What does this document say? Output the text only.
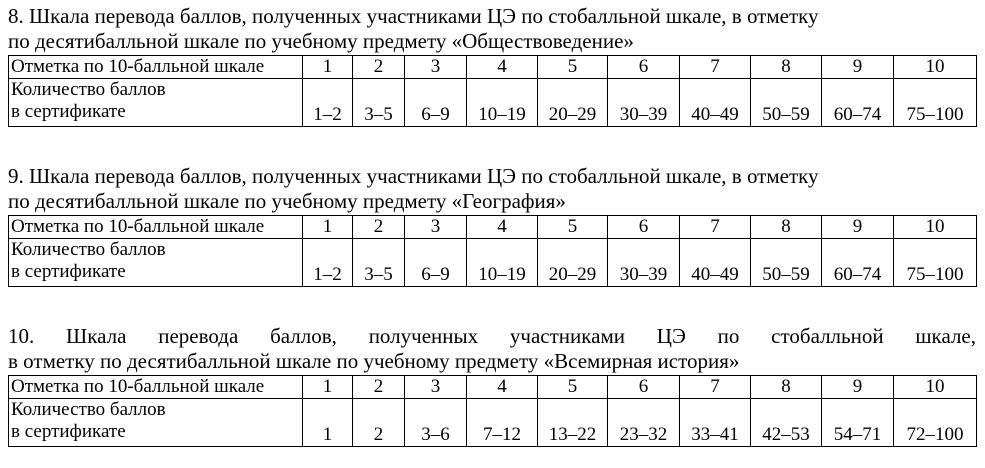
8. Шкала перевода баллов, полученных участниками ЦЭ по стобалльной шкале, в отметку
по десятибалльной шкале по учебному предмету «Обществоведение»

Отметка по 10-балльной шкале	1	2	3	4	5	6	7	8	9	10

Количество баллов
в сертификате	1–2	3–5	6–9	10–19	20–29	30–39	40–49	50–59	60–74	75–100

9. Шкала перевода баллов, полученных участниками ЦЭ по стобалльной шкале, в отметку
по десятибалльной шкале по учебному предмету «География»

Отметка по 10-балльной шкале	1	2	3	4	5	6	7	8	9	10

Количество баллов
в сертификате	1–2	3–5	6–9	10–19	20–29	30–39	40–49	50–59	60–74	75–100

10. Шкала перевода баллов, полученных участниками ЦЭ по стобалльной шкале,
в отметку по десятибалльной шкале по учебному предмету «Всемирная история»

Отметка по 10-балльной шкале	1	2	3	4	5	6	7	8	9	10

Количество баллов
в сертификате	1	2	3–6	7–12	13–22	23–32	33–41	42–53	54–71	72–100
